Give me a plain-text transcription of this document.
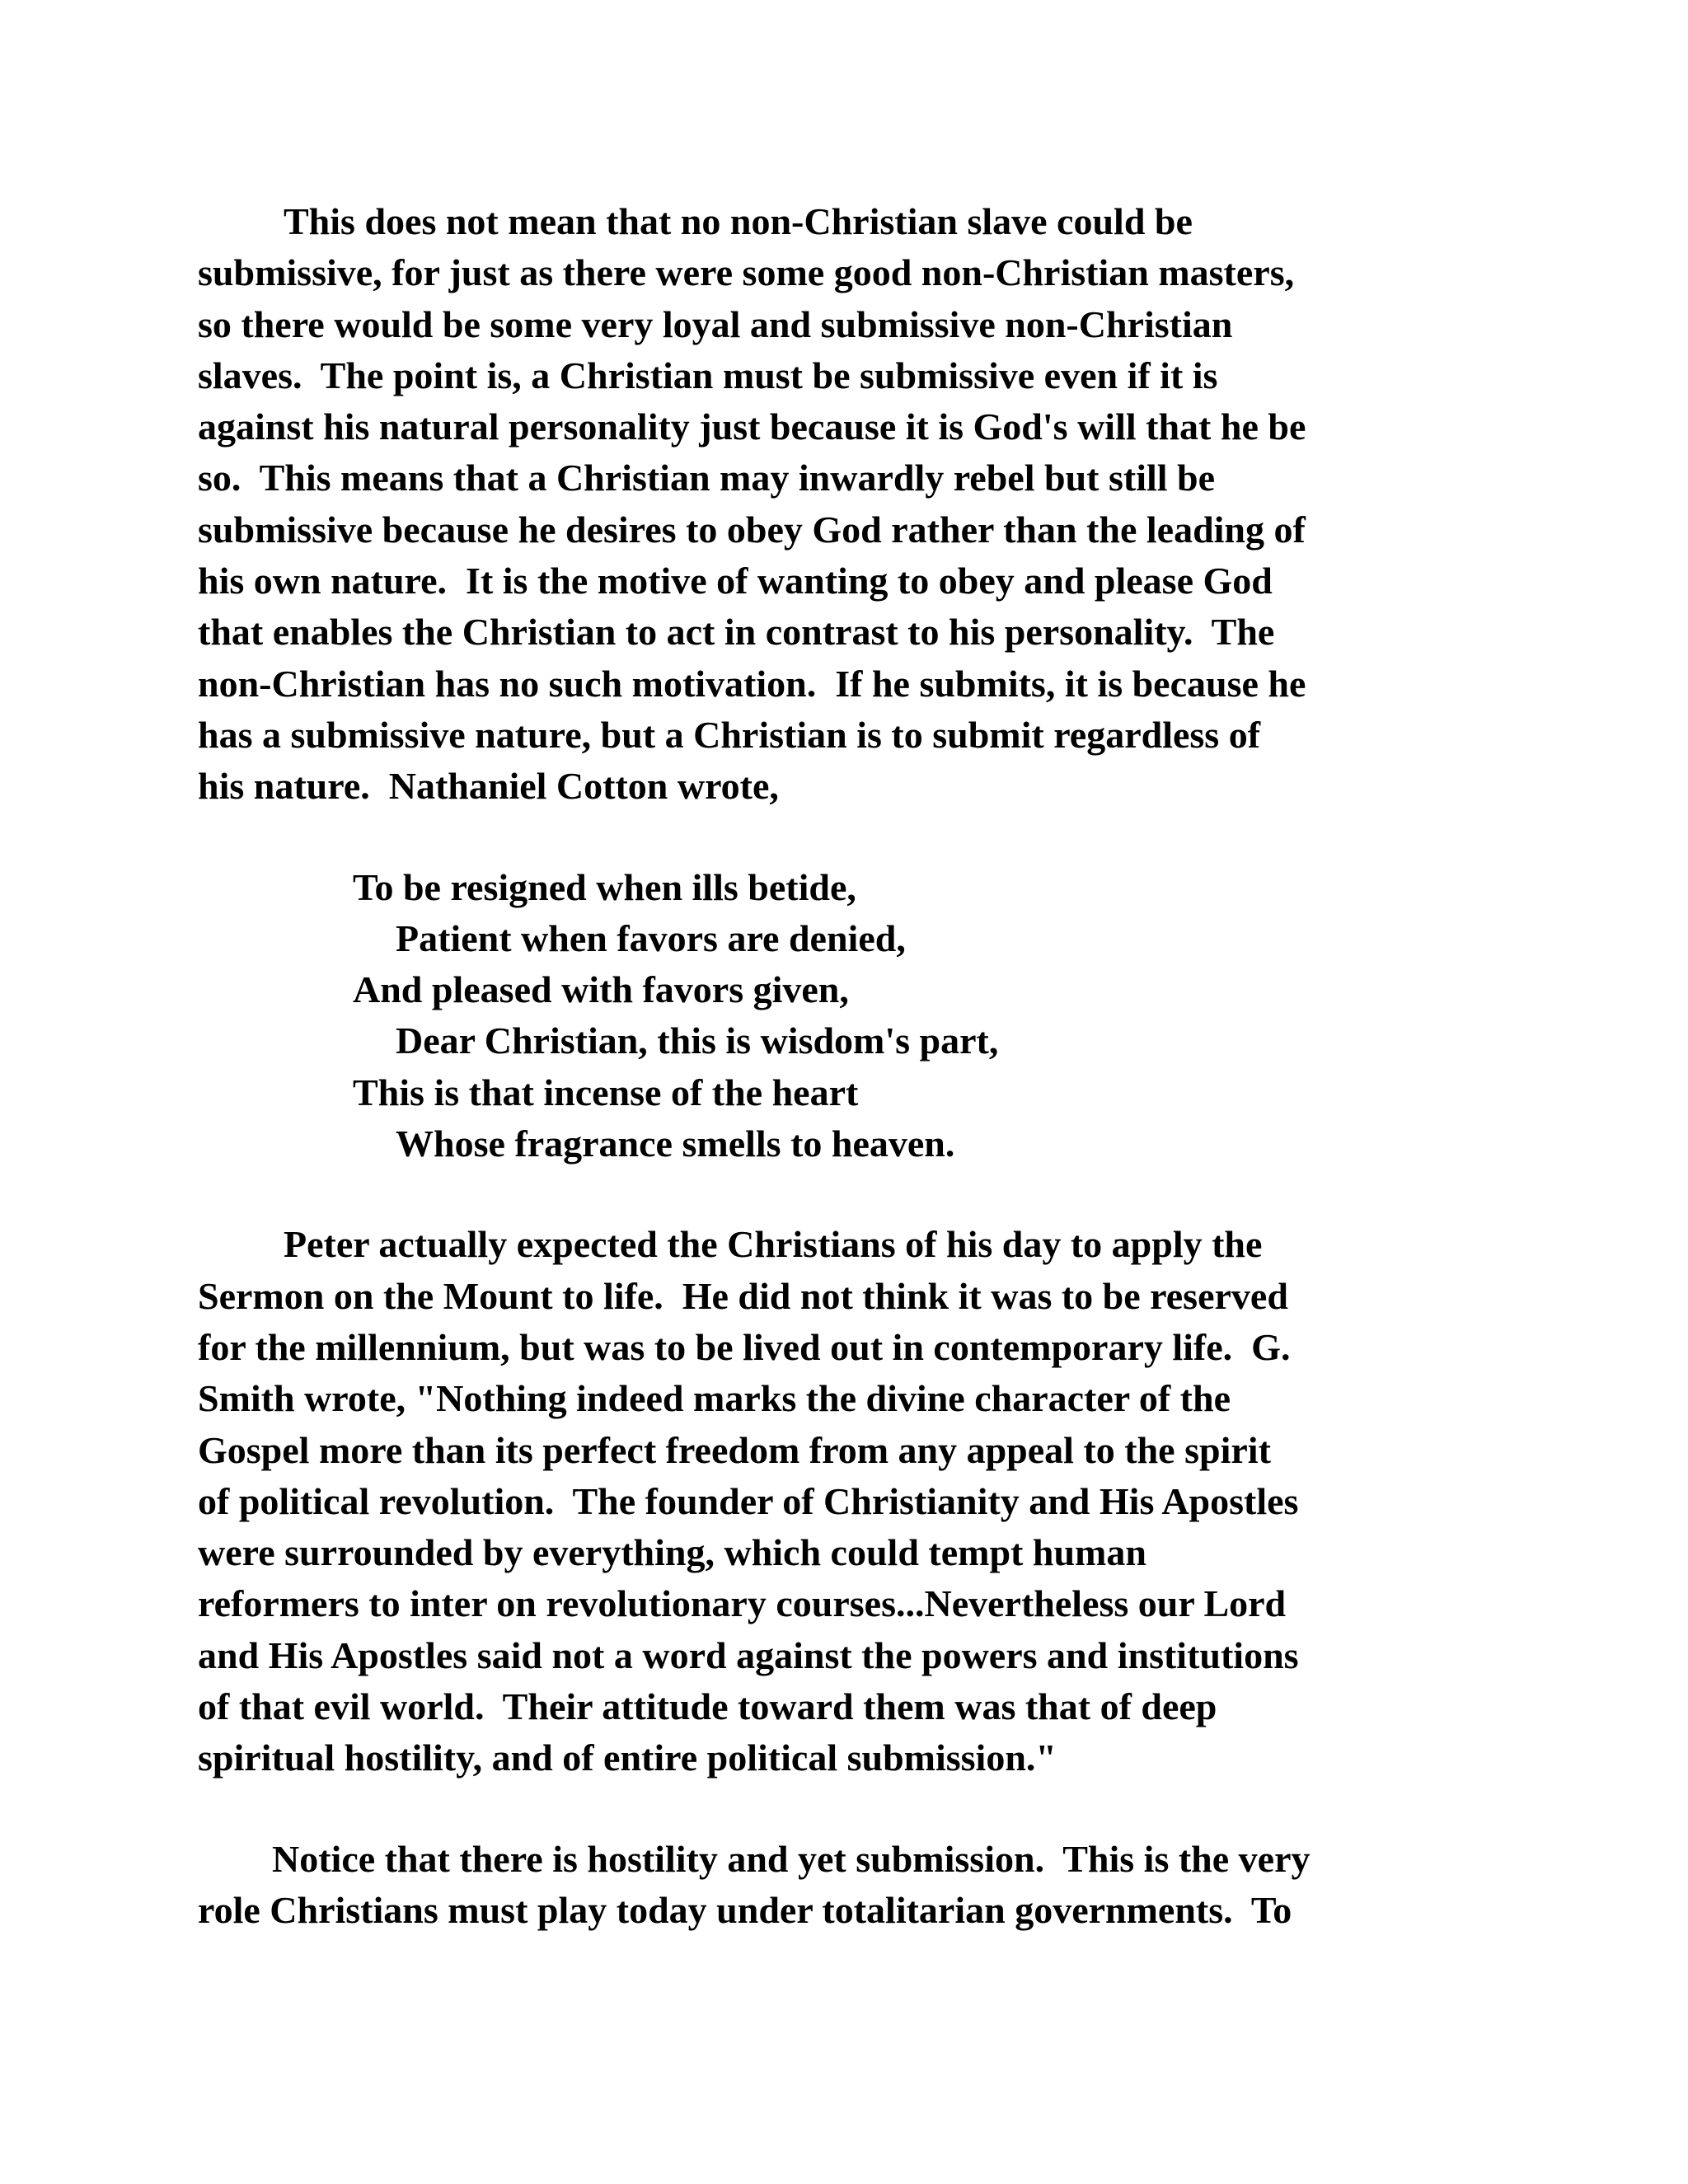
This does not mean that no non-Christian slave could be
submissive, for just as there were some good non-Christian masters,
so there would be some very loyal and submissive non-Christian
slaves.  The point is, a Christian must be submissive even if it is
against his natural personality just because it is God's will that he be
so.  This means that a Christian may inwardly rebel but still be
submissive because he desires to obey God rather than the leading of
his own nature.  It is the motive of wanting to obey and please God
that enables the Christian to act in contrast to his personality.  The
non-Christian has no such motivation.  If he submits, it is because he
has a submissive nature, but a Christian is to submit regardless of
his nature.  Nathaniel Cotton wrote,
To be resigned when ills betide,
Patient when favors are denied,
And pleased with favors given,
Dear Christian, this is wisdom's part,
This is that incense of the heart
Whose fragrance smells to heaven.
Peter actually expected the Christians of his day to apply the
Sermon on the Mount to life.  He did not think it was to be reserved
for the millennium, but was to be lived out in contemporary life.  G.
Smith wrote, "Nothing indeed marks the divine character of the
Gospel more than its perfect freedom from any appeal to the spirit
of political revolution.  The founder of Christianity and His Apostles
were surrounded by everything, which could tempt human
reformers to inter on revolutionary courses...Nevertheless our Lord
and His Apostles said not a word against the powers and institutions
of that evil world.  Their attitude toward them was that of deep
spiritual hostility, and of entire political submission."
Notice that there is hostility and yet submission.  This is the very
role Christians must play today under totalitarian governments.  To
